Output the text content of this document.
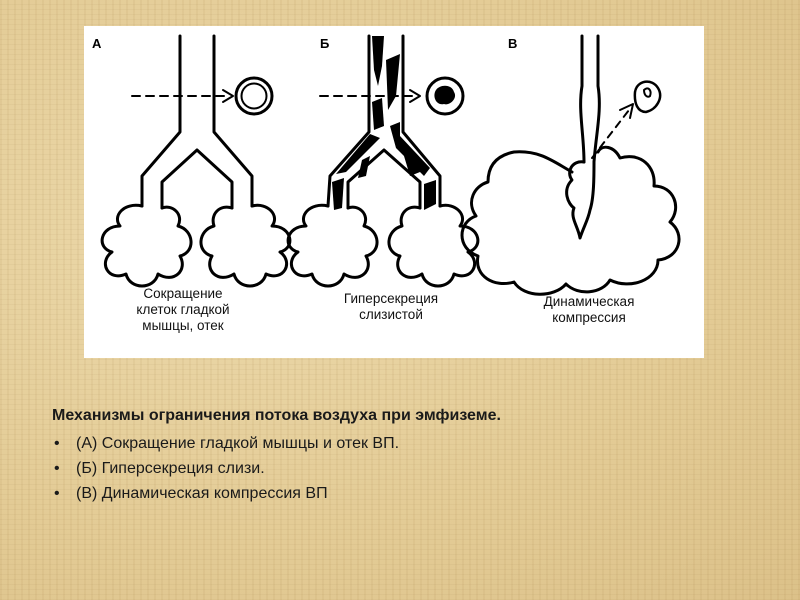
А	Б	В
Сокращение
клеток гладкой
мышцы, отек
Гиперсекреция
слизистой
Динамическая
компрессия
Механизмы ограничения потока воздуха при эмфиземе.
• (А) Сокращение гладкой мышцы и отек ВП.
• (Б) Гиперсекреция слизи.
• (В) Динамическая компрессия ВП
